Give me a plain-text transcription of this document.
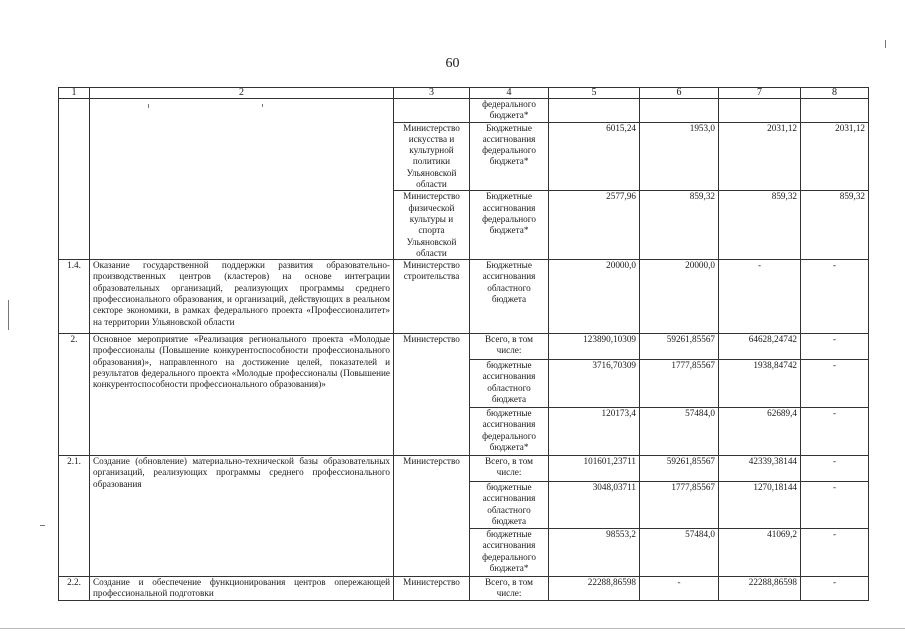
60
1	2	3	4	5	6	7	8
			федерального бюджета*				
		Министерство искусства и культурной политики Ульяновской области	Бюджетные ассигнования федерального бюджета*	6015,24	1953,0	2031,12	2031,12
		Министерство физической культуры и спорта Ульяновской области	Бюджетные ассигнования федерального бюджета*	2577,96	859,32	859,32	859,32
1.4.	Оказание государственной поддержки развития образовательно-производственных центров (кластеров) на основе интеграции образовательных организаций, реализующих программы среднего профессионального образования, и организаций, действующих в реальном секторе экономики, в рамках федерального проекта «Профессионалитет» на территории Ульяновской области	Министерство строительства	Бюджетные ассигнования областного бюджета	20000,0	20000,0	-	-
2.	Основное мероприятие «Реализация регионального проекта «Молодые профессионалы (Повышение конкурентоспособности профессионального образования)», направленного на достижение целей, показателей и результатов федерального проекта «Молодые профессионалы (Повышение конкурентоспособности профессионального образования)»	Министерство	Всего, в том числе:	123890,10309	59261,85567	64628,24742	-
			бюджетные ассигнования областного бюджета	3716,70309	1777,85567	1938,84742	-
			бюджетные ассигнования федерального бюджета*	120173,4	57484,0	62689,4	-
2.1.	Создание (обновление) материально-технической базы образовательных организаций, реализующих программы среднего профессионального образования	Министерство	Всего, в том числе:	101601,23711	59261,85567	42339,38144	-
			бюджетные ассигнования областного бюджета	3048,03711	1777,85567	1270,18144	-
			бюджетные ассигнования федерального бюджета*	98553,2	57484,0	41069,2	-
2.2.	Создание и обеспечение функционирования центров опережающей профессиональной подготовки	Министерство	Всего, в том числе:	22288,86598	-	22288,86598	-
